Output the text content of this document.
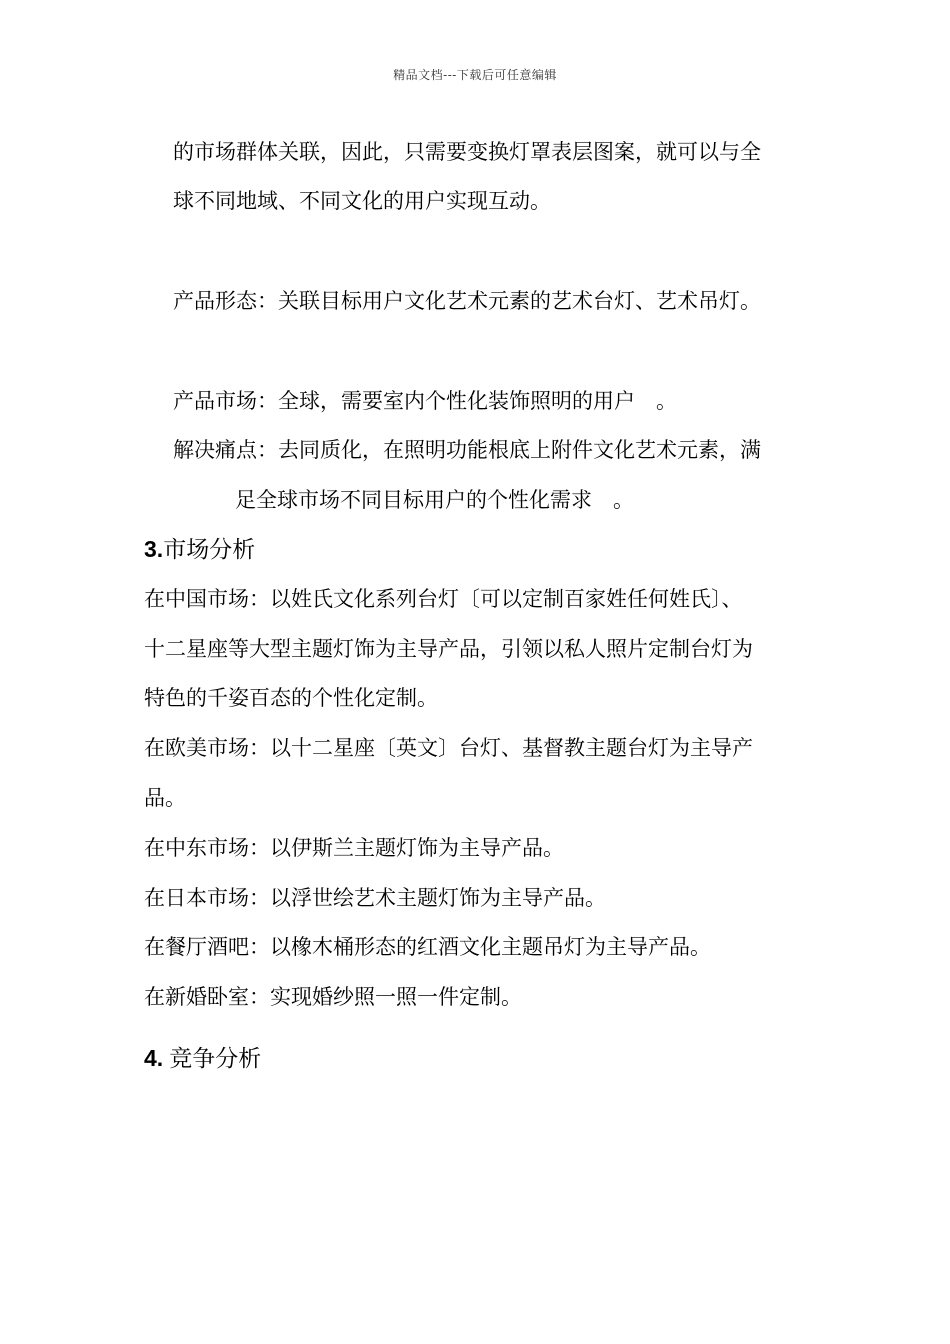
精品文档---下载后可任意编辑
的市场群体关联，因此，只需要变换灯罩表层图案，就可以与全
球不同地域、不同文化的用户实现互动。
产品形态：关联目标用户文化艺术元素的艺术台灯、艺术吊灯。
产品市场：全球，需要室内个性化装饰照明的用户　。
解决痛点：去同质化，在照明功能根底上附件文化艺术元素，满
足全球市场不同目标用户的个性化需求　。
3.市场分析
在中国市场：以姓氏文化系列台灯〔可以定制百家姓任何姓氏〕、
十二星座等大型主题灯饰为主导产品，引领以私人照片定制台灯为
特色的千姿百态的个性化定制。
在欧美市场：以十二星座〔英文〕台灯、基督教主题台灯为主导产
品。
在中东市场：以伊斯兰主题灯饰为主导产品。
在日本市场：以浮世绘艺术主题灯饰为主导产品。
在餐厅酒吧：以橡木桶形态的红酒文化主题吊灯为主导产品。
在新婚卧室：实现婚纱照一照一件定制。
4. 竞争分析
